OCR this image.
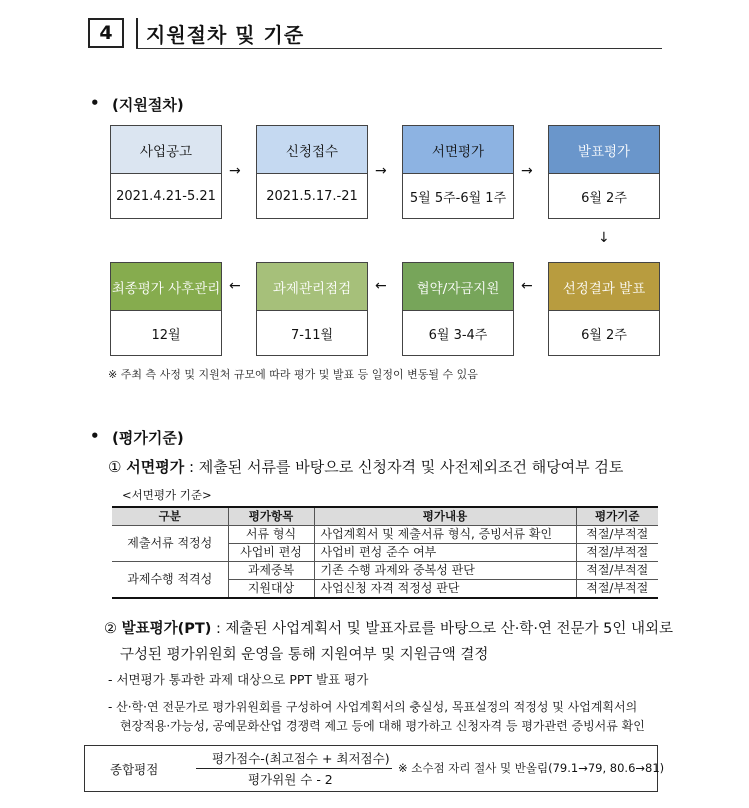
4 지원절차 및 기준
• (지원절차)
사업공고
2021.4.21-5.21
→
신청접수
2021.5.17.-21
→
서면평가
5월 5주-6월 1주
→
발표평가
6월 2주
↓
최종평가 사후관리
12월
←	과제관리점검
7-11월
←	협약/자금지원
6월 3-4주
←	선정결과 발표
6월 2주
※ 주최 측 사정 및 지원처 규모에 따라 평가 및 발표 등 일정이 변동될 수 있음
• (평가기준)
① 서면평가 : 제출된 서류를 바탕으로 신청자격 및 사전제외조건 해당여부 검토
<서면평가 기준>
구분	평가항목	평가내용	평가기준
제출서류 적정성	서류 형식	사업계획서 및 제출서류 형식, 증빙서류 확인	적절/부적절
	사업비 편성	사업비 편성 준수 여부	적절/부적절
과제수행 적격성	과제중복	기존 수행 과제와 중복성 판단	적절/부적절
	지원대상	사업신청 자격 적정성 판단	적절/부적절
② 발표평가(PT) : 제출된 사업계획서 및 발표자료를 바탕으로 산·학·연 전문가 5인 내외로
구성된 평가위원회 운영을 통해 지원여부 및 지원금액 결정
- 서면평가 통과한 과제 대상으로 PPT 발표 평가
- 산·학·연 전문가로 평가위원회를 구성하여 사업계획서의 충실성, 목표설정의 적정성 및 사업계획서의
현장적용·가능성, 공예문화산업 경쟁력 제고 등에 대해 평가하고 신청자격 등 평가관련 증빙서류 확인
종합평점
평가점수-(최고점수 + 최저점수)
평가위원 수 - 2
※ 소수점 자리 절사 및 반올림(79.1→79, 80.6→81)
